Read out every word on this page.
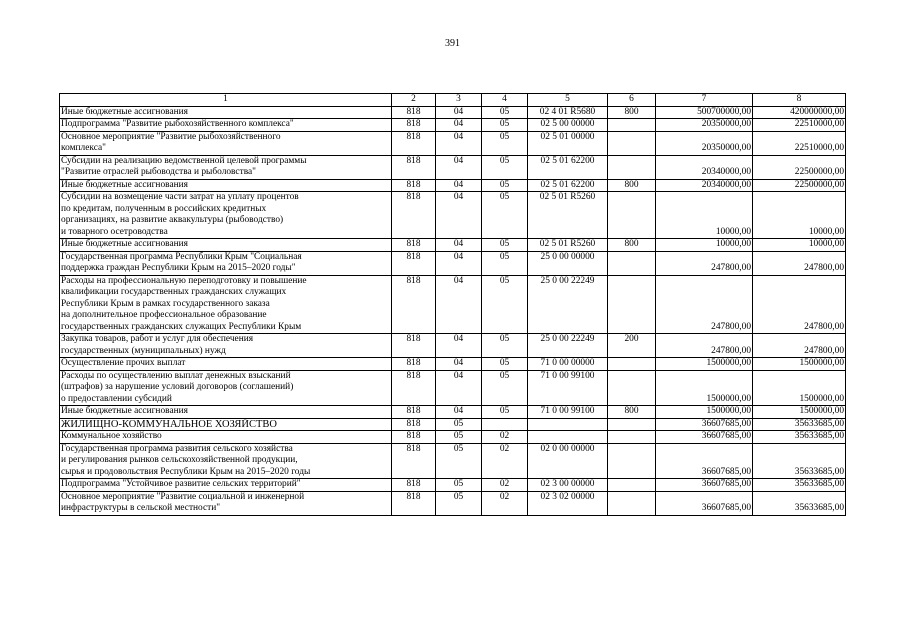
391
1	2	3	4	5	6	7	8

Иные бюджетные ассигнования	818	04	05	02 4 01 R5680	800	500700000,00	420000000,00

Подпрограмма "Развитие рыбохозяйственного комплекса"	818	04	05	02 5 00 00000		20350000,00	22510000,00

Основное мероприятие "Развитие рыбохозяйственного
комплекса"	818	04	05	02 5 01 00000		20350000,00	22510000,00

Субсидии на реализацию ведомственной целевой программы
"Развитие отраслей рыбоводства и рыболовства"	818	04	05	02 5 01 62200		20340000,00	22500000,00

Иные бюджетные ассигнования	818	04	05	02 5 01 62200	800	20340000,00	22500000,00

Субсидии на возмещение части затрат на уплату процентов
по кредитам, полученным в российских кредитных
организациях, на развитие аквакультуры (рыбоводство)
и товарного осетроводства	818	04	05	02 5 01 R5260		10000,00	10000,00

Иные бюджетные ассигнования	818	04	05	02 5 01 R5260	800	10000,00	10000,00

Государственная программа Республики Крым "Социальная
поддержка граждан Республики Крым на 2015–2020 годы"	818	04	05	25 0 00 00000		247800,00	247800,00

Расходы на профессиональную переподготовку и повышение
квалификации государственных гражданских служащих
Республики Крым в рамках государственного заказа
на дополнительное профессиональное образование
государственных гражданских служащих Республики Крым	818	04	05	25 0 00 22249		247800,00	247800,00

Закупка товаров, работ и услуг для обеспечения
государственных (муниципальных) нужд	818	04	05	25 0 00 22249	200	247800,00	247800,00

Осуществление прочих выплат	818	04	05	71 0 00 00000		1500000,00	1500000,00

Расходы по осуществлению выплат денежных взысканий
(штрафов) за нарушение условий договоров (соглашений)
о предоставлении субсидий	818	04	05	71 0 00 99100		1500000,00	1500000,00

Иные бюджетные ассигнования	818	04	05	71 0 00 99100	800	1500000,00	1500000,00

ЖИЛИЩНО-КОММУНАЛЬНОЕ ХОЗЯЙСТВО	818	05				36607685,00	35633685,00

Коммунальное хозяйство	818	05	02			36607685,00	35633685,00

Государственная программа развития сельского хозяйства
и регулирования рынков сельскохозяйственной продукции,
сырья и продовольствия Республики Крым на 2015–2020 годы	818	05	02	02 0 00 00000		36607685,00	35633685,00

Подпрограмма "Устойчивое развитие сельских территорий"	818	05	02	02 3 00 00000		36607685,00	35633685,00

Основное мероприятие "Развитие социальной и инженерной
инфраструктуры в сельской местности"	818	05	02	02 3 02 00000		36607685,00	35633685,00
